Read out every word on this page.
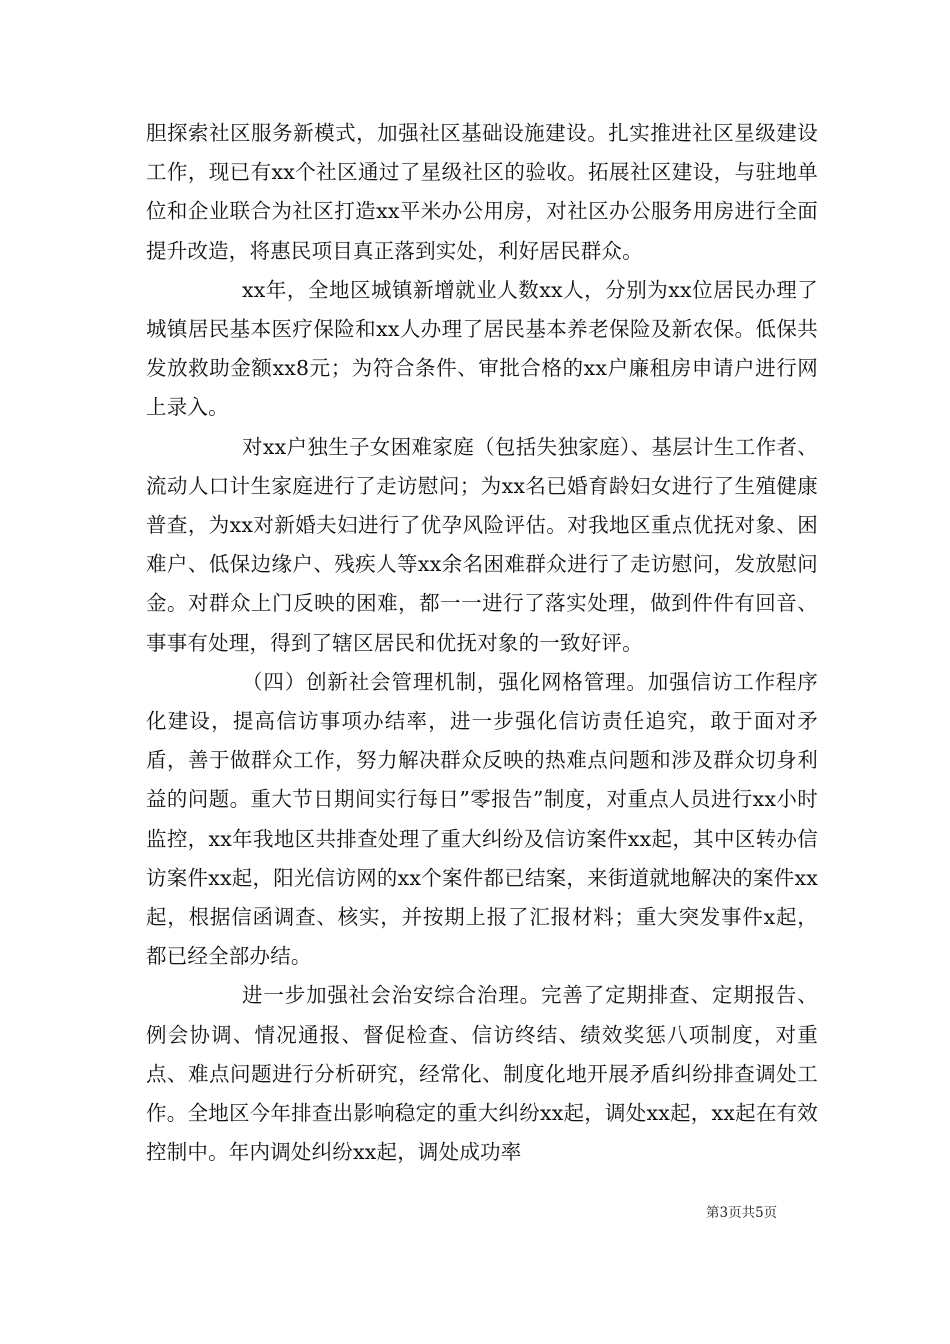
胆探索社区服务新模式，加强社区基础设施建设。扎实推进社区星级建设工作，现已有xx个社区通过了星级社区的验收。拓展社区建设，与驻地单位和企业联合为社区打造xx平米办公用房，对社区办公服务用房进行全面提升改造，将惠民项目真正落到实处，利好居民群众。

xx年，全地区城镇新增就业人数xx人，分别为xx位居民办理了城镇居民基本医疗保险和xx人办理了居民基本养老保险及新农保。低保共发放救助金额xx8元；为符合条件、审批合格的xx户廉租房申请户进行网上录入。

对xx户独生子女困难家庭（包括失独家庭）、基层计生工作者、流动人口计生家庭进行了走访慰问；为xx名已婚育龄妇女进行了生殖健康普查，为xx对新婚夫妇进行了优孕风险评估。对我地区重点优抚对象、困难户、低保边缘户、残疾人等xx余名困难群众进行了走访慰问，发放慰问金。对群众上门反映的困难，都一一进行了落实处理，做到件件有回音、事事有处理，得到了辖区居民和优抚对象的一致好评。

（四）创新社会管理机制，强化网格管理。加强信访工作程序化建设，提高信访事项办结率，进一步强化信访责任追究，敢于面对矛盾，善于做群众工作，努力解决群众反映的热难点问题和涉及群众切身利益的问题。重大节日期间实行每日”零报告”制度，对重点人员进行xx小时监控，xx年我地区共排查处理了重大纠纷及信访案件xx起，其中区转办信访案件xx起，阳光信访网的xx个案件都已结案，来街道就地解决的案件xx起，根据信函调查、核实，并按期上报了汇报材料；重大突发事件x起，都已经全部办结。

进一步加强社会治安综合治理。完善了定期排查、定期报告、例会协调、情况通报、督促检查、信访终结、绩效奖惩八项制度，对重点、难点问题进行分析研究，经常化、制度化地开展矛盾纠纷排查调处工作。全地区今年排查出影响稳定的重大纠纷xx起，调处xx起，xx起在有效控制中。年内调处纠纷xx起，调处成功率

第3页共5页
